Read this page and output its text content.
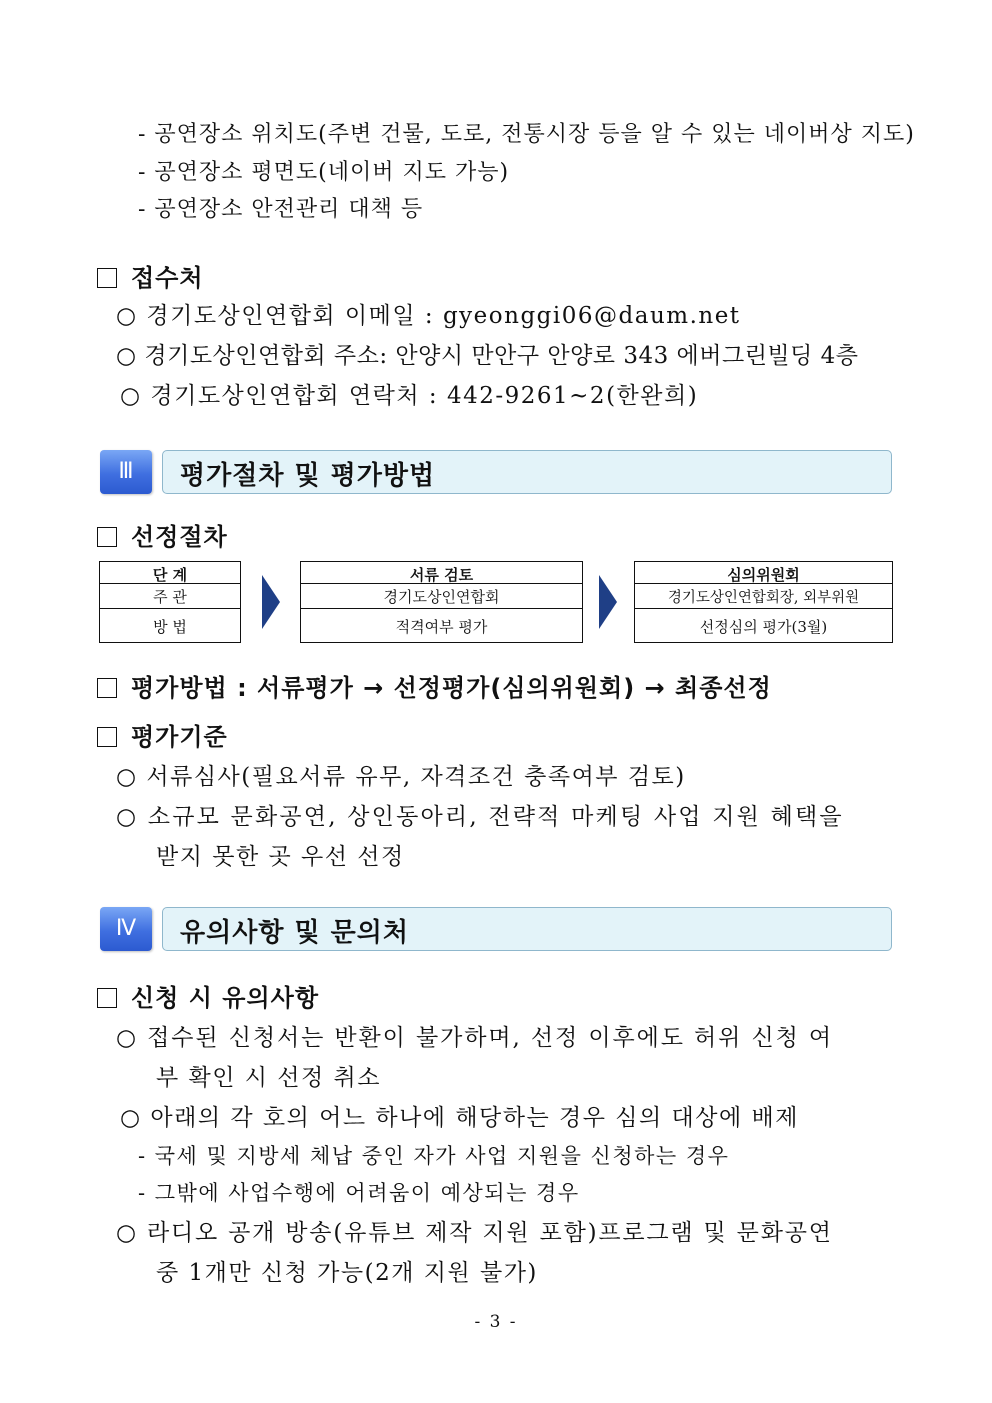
- 공연장소 위치도(주변 건물, 도로, 전통시장 등을 알 수 있는 네이버상 지도)
- 공연장소 평면도(네이버 지도 가능)
- 공연장소 안전관리 대책 등
접수처
○ 경기도상인연합회 이메일 : gyeonggi06@daum.net
○ 경기도상인연합회 주소: 안양시 만안구 안양로 343 에버그린빌딩 4층
○ 경기도상인연합회 연락처 : 442-9261~2(한완희)
Ⅲ	평가절차 및 평가방법
선정절차
단 계
주 관
방 법
서류 검토
경기도상인연합회
적격여부 평가
심의위원회
경기도상인연합회장, 외부위원
선정심의 평가(3월)
평가방법 : 서류평가 → 선정평가(심의위원회) → 최종선정
평가기준
○ 서류심사(필요서류 유무, 자격조건 충족여부 검토)
○ 소규모 문화공연, 상인동아리, 전략적 마케팅 사업 지원 혜택을
받지 못한 곳 우선 선정
Ⅳ	유의사항 및 문의처
신청 시 유의사항
○ 접수된 신청서는 반환이 불가하며, 선정 이후에도 허위 신청 여
부 확인 시 선정 취소
○ 아래의 각 호의 어느 하나에 해당하는 경우 심의 대상에 배제
- 국세 및 지방세 체납 중인 자가 사업 지원을 신청하는 경우
- 그밖에 사업수행에 어려움이 예상되는 경우
○ 라디오 공개 방송(유튜브 제작 지원 포함)프로그램 및 문화공연
중 1개만 신청 가능(2개 지원 불가)
- 3 -
